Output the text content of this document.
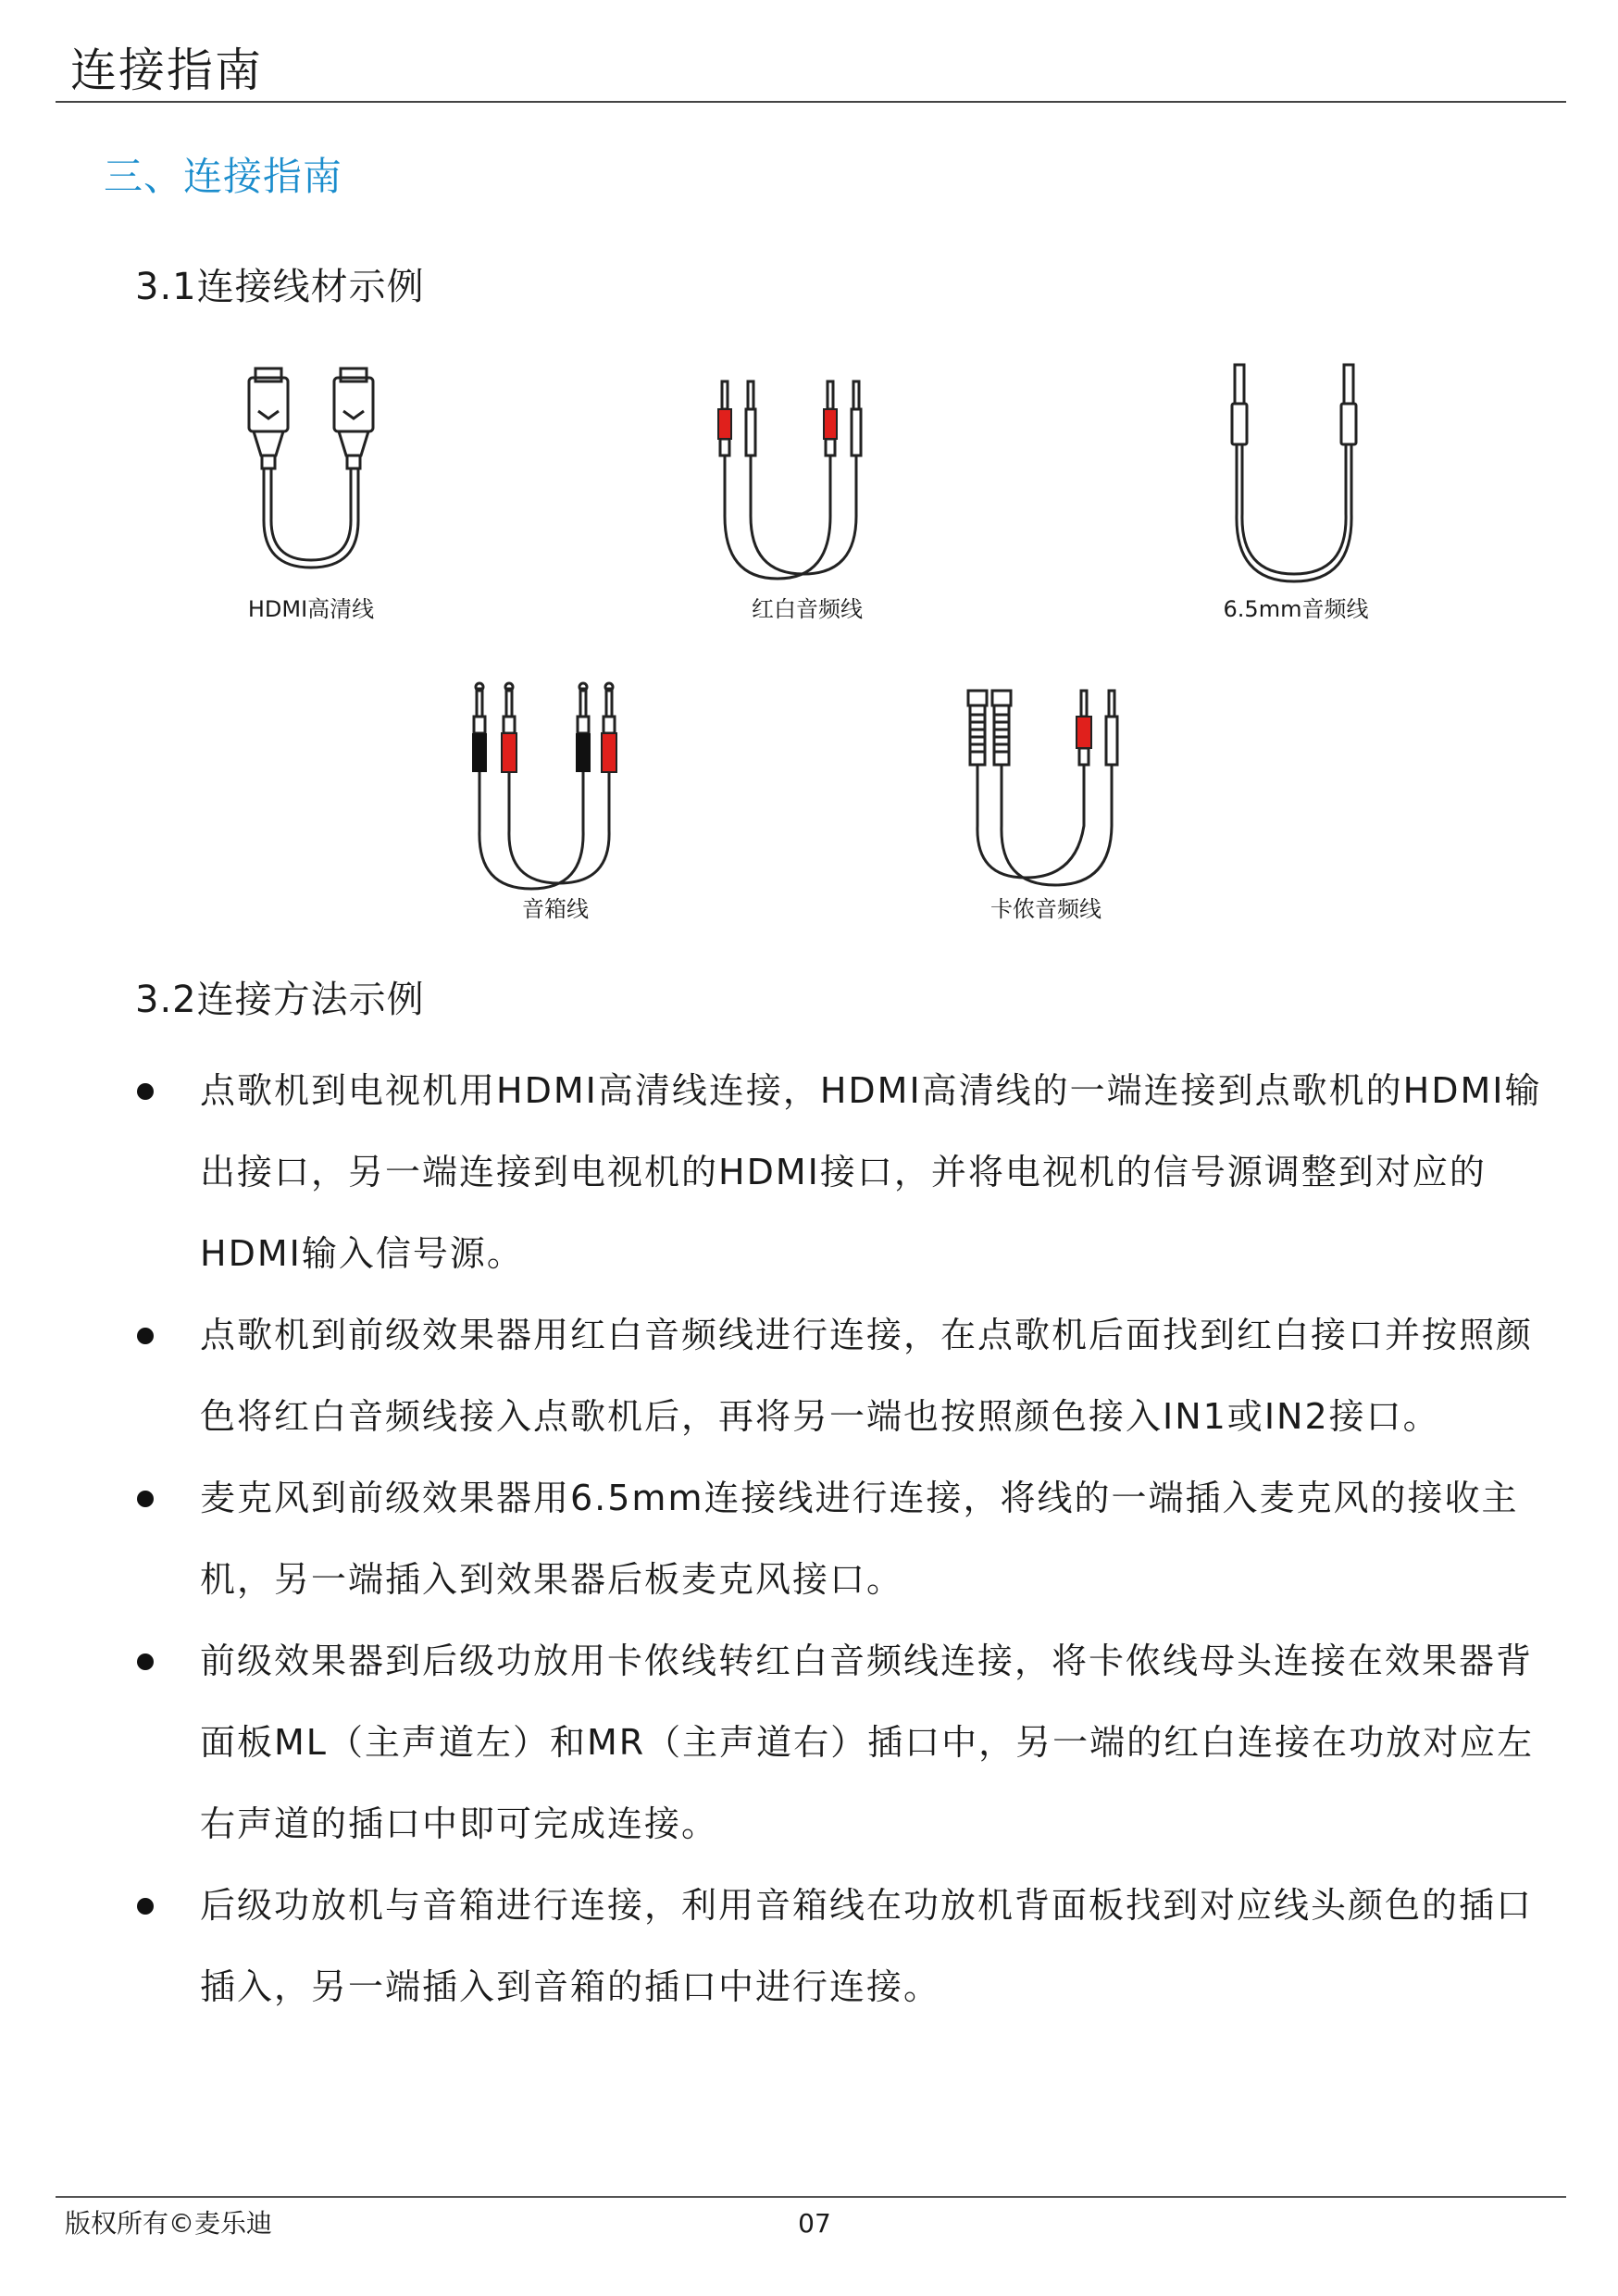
连接指南
三、连接指南
3.1连接线材示例
HDMI高清线	红白音频线	6.5mm音频线
音箱线	卡侬音频线
3.2连接方法示例
点歌机到电视机用HDMI高清线连接，HDMI高清线的一端连接到点歌机的HDMI输出接口，另一端连接到电视机的HDMI接口，并将电视机的信号源调整到对应的HDMI输入信号源。
点歌机到前级效果器用红白音频线进行连接，在点歌机后面找到红白接口并按照颜色将红白音频线接入点歌机后，再将另一端也按照颜色接入IN1或IN2接口。
麦克风到前级效果器用6.5mm连接线进行连接，将线的一端插入麦克风的接收主机，另一端插入到效果器后板麦克风接口。
前级效果器到后级功放用卡侬线转红白音频线连接，将卡侬线母头连接在效果器背面板ML（主声道左）和MR（主声道右）插口中，另一端的红白连接在功放对应左右声道的插口中即可完成连接。
后级功放机与音箱进行连接，利用音箱线在功放机背面板找到对应线头颜色的插口插入，另一端插入到音箱的插口中进行连接。
版权所有©麦乐迪	07
